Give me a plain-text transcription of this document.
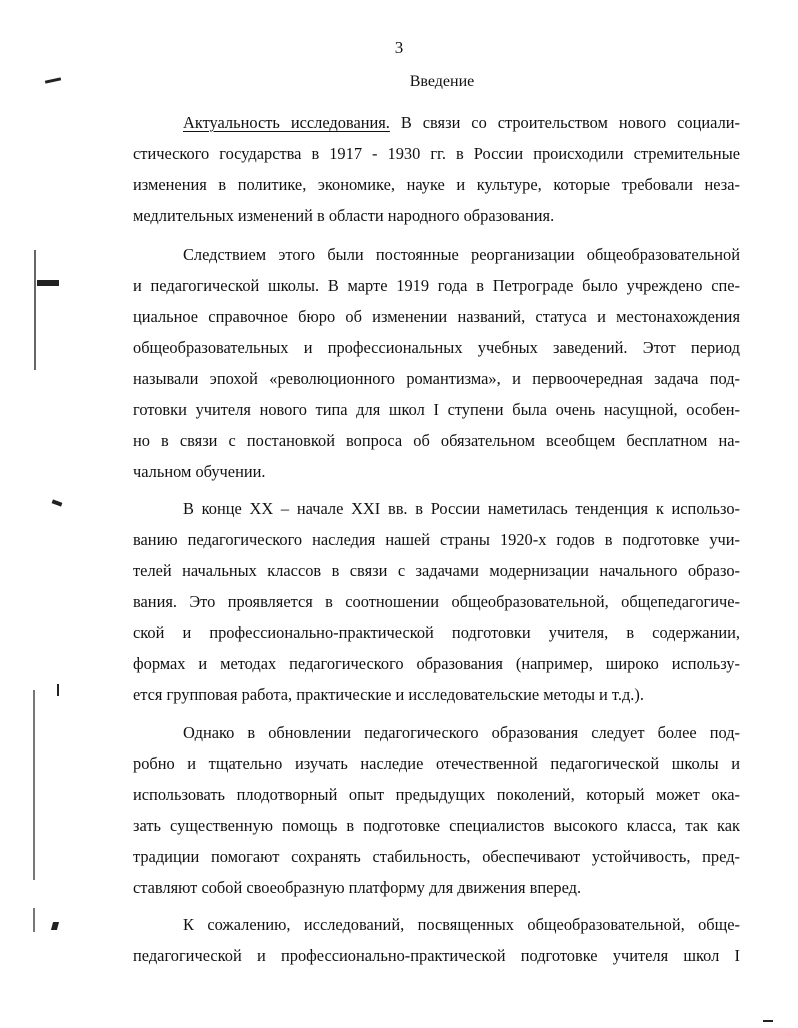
3
Введение
Актуальность исследования. В связи со строительством нового социали-
стического государства в 1917 - 1930 гг. в России происходили стремительные
изменения в политике, экономике, науке и культуре, которые требовали неза-
медлительных изменений в области народного образования.
Следствием этого были постоянные реорганизации общеобразовательной
и педагогической школы. В марте 1919 года в Петрограде было учреждено спе-
циальное справочное бюро об изменении названий, статуса и местонахождения
общеобразовательных и профессиональных учебных заведений. Этот период
называли эпохой «революционного романтизма», и первоочередная задача под-
готовки учителя нового типа для школ I ступени была очень насущной, особен-
но в связи с постановкой вопроса об обязательном всеобщем бесплатном на-
чальном обучении.
В конце XX – начале XXI вв. в России наметилась тенденция к использо-
ванию педагогического наследия нашей страны 1920-х годов в подготовке учи-
телей начальных классов в связи с задачами модернизации начального образо-
вания. Это проявляется в соотношении общеобразовательной, общепедагогиче-
ской и профессионально-практической подготовки учителя, в содержании,
формах и методах педагогического образования (например, широко использу-
ется групповая работа, практические и исследовательские методы и т.д.).
Однако в обновлении педагогического образования следует более под-
робно и тщательно изучать наследие отечественной педагогической школы и
использовать плодотворный опыт предыдущих поколений, который может ока-
зать существенную помощь в подготовке специалистов высокого класса, так как
традиции помогают сохранять стабильность, обеспечивают устойчивость, пред-
ставляют собой своеобразную платформу для движения вперед.
К сожалению, исследований, посвященных общеобразовательной, обще-
педагогической и профессионально-практической подготовке учителя школ I
